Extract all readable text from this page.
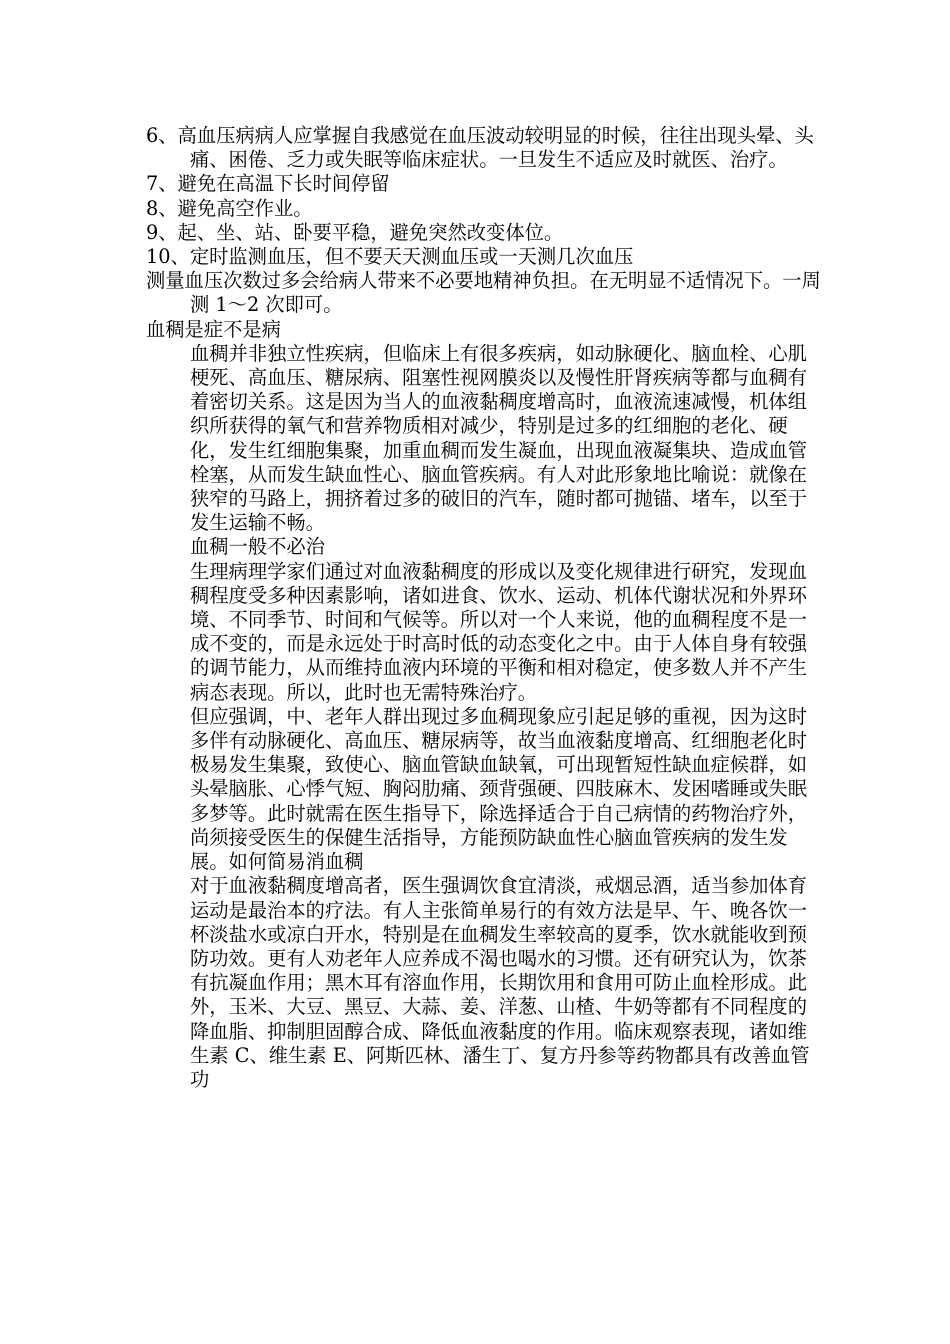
6、高血压病病人应掌握自我感觉在血压波动较明显的时候，往往出现头晕、头痛、困倦、乏力或失眠等临床症状。一旦发生不适应及时就医、治疗。

7、避免在高温下长时间停留

8、避免高空作业。

9、起、坐、站、卧要平稳，避免突然改变体位。

10、定时监测血压，但不要天天测血压或一天测几次血压

测量血压次数过多会给病人带来不必要地精神负担。在无明显不适情况下。一周测 1～2 次即可。

血稠是症不是病

血稠并非独立性疾病，但临床上有很多疾病，如动脉硬化、脑血栓、心肌梗死、高血压、糖尿病、阻塞性视网膜炎以及慢性肝肾疾病等都与血稠有着密切关系。这是因为当人的血液黏稠度增高时，血液流速减慢，机体组织所获得的氧气和营养物质相对减少，特别是过多的红细胞的老化、硬化，发生红细胞集聚，加重血稠而发生凝血，出现血液凝集块、造成血管栓塞，从而发生缺血性心、脑血管疾病。有人对此形象地比喻说：就像在狭窄的马路上，拥挤着过多的破旧的汽车，随时都可抛锚、堵车，以至于发生运输不畅。

血稠一般不必治

生理病理学家们通过对血液黏稠度的形成以及变化规律进行研究，发现血稠程度受多种因素影响，诸如进食、饮水、运动、机体代谢状况和外界环境、不同季节、时间和气候等。所以对一个人来说，他的血稠程度不是一成不变的，而是永远处于时高时低的动态变化之中。由于人体自身有较强的调节能力，从而维持血液内环境的平衡和相对稳定，使多数人并不产生病态表现。所以，此时也无需特殊治疗。

但应强调，中、老年人群出现过多血稠现象应引起足够的重视，因为这时多伴有动脉硬化、高血压、糖尿病等，故当血液黏度增高、红细胞老化时极易发生集聚，致使心、脑血管缺血缺氧，可出现暂短性缺血症候群，如头晕脑胀、心悸气短、胸闷肋痛、颈背强硬、四肢麻木、发困嗜睡或失眠多梦等。此时就需在医生指导下，除选择适合于自己病情的药物治疗外，尚须接受医生的保健生活指导，方能预防缺血性心脑血管疾病的发生发展。如何简易消血稠

对于血液黏稠度增高者，医生强调饮食宜清淡，戒烟忌酒，适当参加体育运动是最治本的疗法。有人主张简单易行的有效方法是早、午、晚各饮一杯淡盐水或凉白开水，特别是在血稠发生率较高的夏季，饮水就能收到预防功效。更有人劝老年人应养成不渴也喝水的习惯。还有研究认为，饮茶有抗凝血作用；黑木耳有溶血作用，长期饮用和食用可防止血栓形成。此外，玉米、大豆、黑豆、大蒜、姜、洋葱、山楂、牛奶等都有不同程度的降血脂、抑制胆固醇合成、降低血液黏度的作用。临床观察表现，诸如维生素 C、维生素 E、阿斯匹林、潘生丁、复方丹参等药物都具有改善血管功
